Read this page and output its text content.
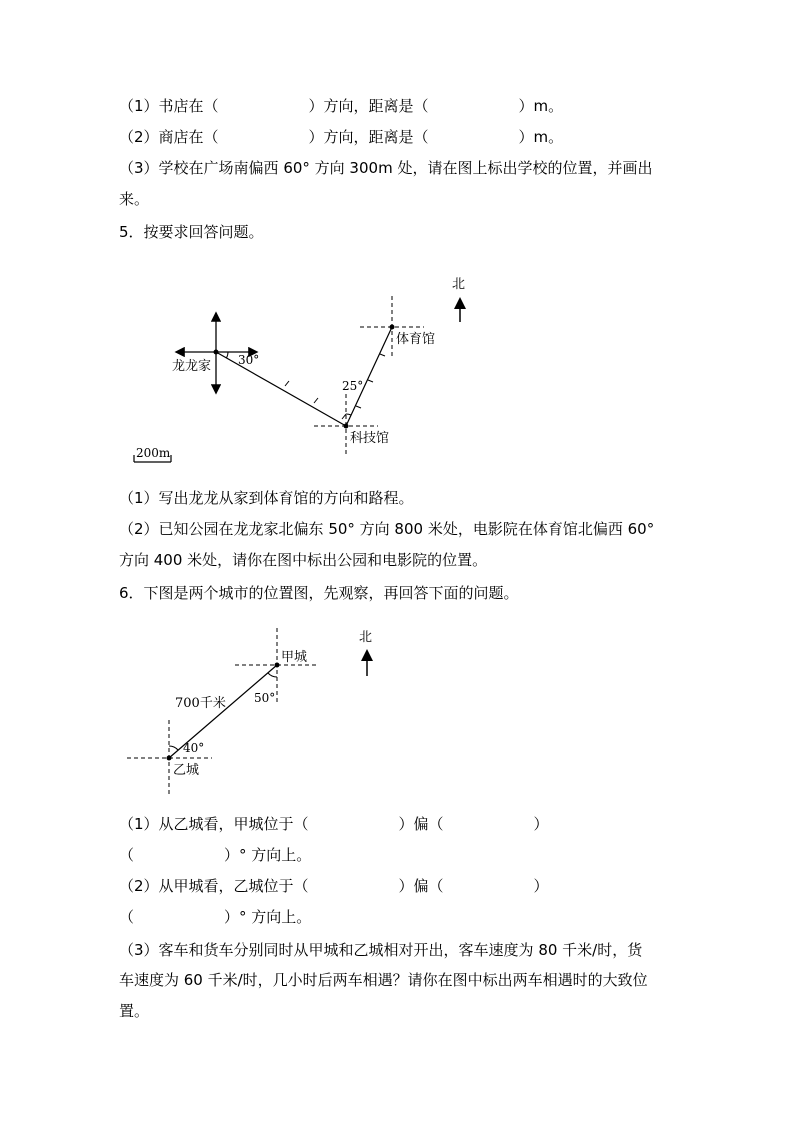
（1）书店在（　　　　　　）方向，距离是（　　　　　　）m。
（2）商店在（　　　　　　）方向，距离是（　　　　　　）m。
（3）学校在广场南偏西 60° 方向 300m 处，请在图上标出学校的位置，并画出
来。
5．按要求回答问题。
北
30°
龙龙家
科技馆
25°
体育馆
200m
北
甲城
50°
700千米
40°
乙城
（1）写出龙龙从家到体育馆的方向和路程。
（2）已知公园在龙龙家北偏东 50° 方向 800 米处，电影院在体育馆北偏西 60°
方向 400 米处，请你在图中标出公园和电影院的位置。
6．下图是两个城市的位置图，先观察，再回答下面的问题。
（1）从乙城看，甲城位于（　　　　　　）偏（　　　　　　）
（　　　　　　）° 方向上。
（2）从甲城看，乙城位于（　　　　　　）偏（　　　　　　）
（　　　　　　）° 方向上。
（3）客车和货车分别同时从甲城和乙城相对开出，客车速度为 80 千米/时，货
车速度为 60 千米/时，几小时后两车相遇？请你在图中标出两车相遇时的大致位
置。
